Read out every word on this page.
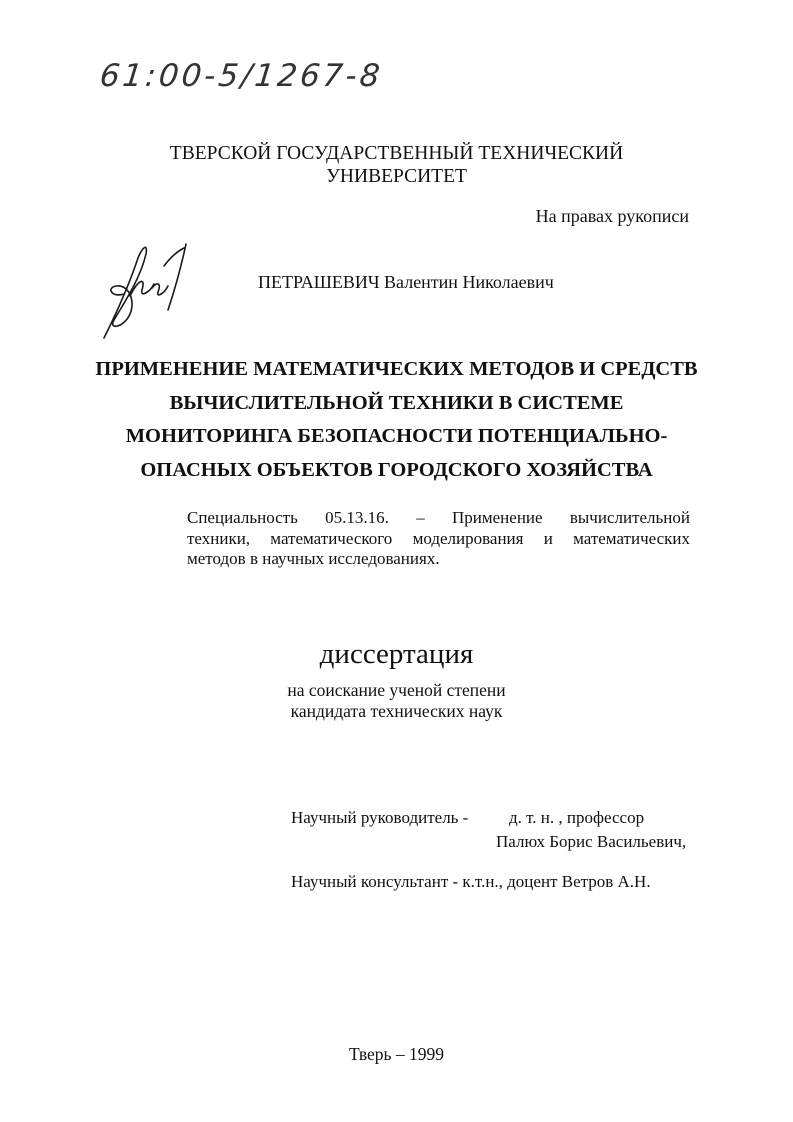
61:00-5/1267-8
ТВЕРСКОЙ ГОСУДАРСТВЕННЫЙ ТЕХНИЧЕСКИЙ
УНИВЕРСИТЕТ
На правах рукописи
ПЕТРАШЕВИЧ Валентин Николаевич
ПРИМЕНЕНИЕ МАТЕМАТИЧЕСКИХ МЕТОДОВ И СРЕДСТВ
ВЫЧИСЛИТЕЛЬНОЙ ТЕХНИКИ В СИСТЕМЕ
МОНИТОРИНГА БЕЗОПАСНОСТИ ПОТЕНЦИАЛЬНО-
ОПАСНЫХ ОБЪЕКТОВ ГОРОДСКОГО ХОЗЯЙСТВА
Специальность 05.13.16. – Применение вычислительной
техники, математического моделирования и математических
методов в научных исследованиях.
диссертация
на соискание ученой степени
кандидата технических наук
Научный руководитель - д. т. н. , профессор
Палюх Борис Васильевич,
Научный консультант - к.т.н., доцент Ветров А.Н.
Тверь – 1999
